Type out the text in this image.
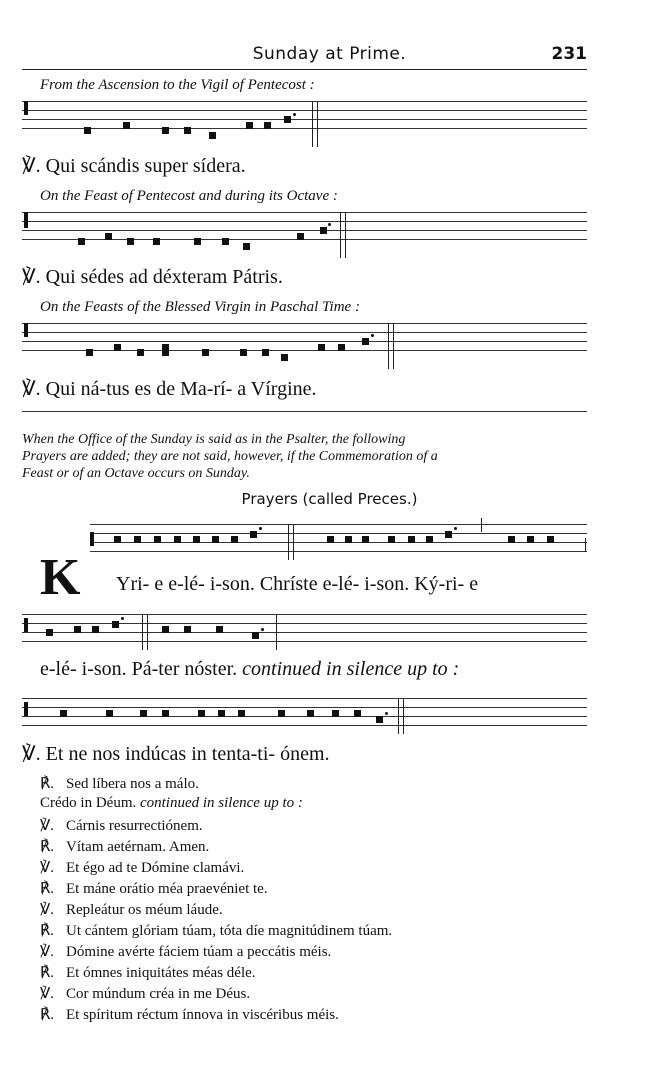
Sunday at Prime.	231
From the Ascension to the Vigil of Pentecost :
℣. Qui scándis super sídera.
On the Feast of Pentecost and during its Octave :
℣. Qui sédes ad déxteram Pátris.
On the Feasts of the Blessed Virgin in Paschal Time :
℣. Qui ná-tus es de Ma-rí- a Vírgine.
When the Office of the Sunday is said as in the Psalter, the following
Prayers are added; they are not said, however, if the Commemoration of a
Feast or of an Octave occurs on Sunday.
Prayers (called Preces.)
K Yri- e e-lé- i-son. Chríste e-lé- i-son. Ký-ri- e
e-lé- i-son. Pá-ter nóster. continued in silence up to :
℣. Et ne nos indúcas in tenta-ti- ónem.
℟. Sed líbera nos a málo.
Crédo in Déum. continued in silence up to :
℣. Cárnis resurrectiónem.
℟. Vítam aetérnam. Amen.
℣. Et égo ad te Dómine clamávi.
℟. Et máne orátio méa praevéniet te.
℣. Repleátur os méum láude.
℟. Ut cántem glóriam túam, tóta díe magnitúdinem túam.
℣. Dómine avérte fáciem túam a peccátis méis.
℟. Et ómnes iniquitátes méas déle.
℣. Cor múndum créa in me Déus.
℟. Et spíritum réctum ínnova in viscéribus méis.
